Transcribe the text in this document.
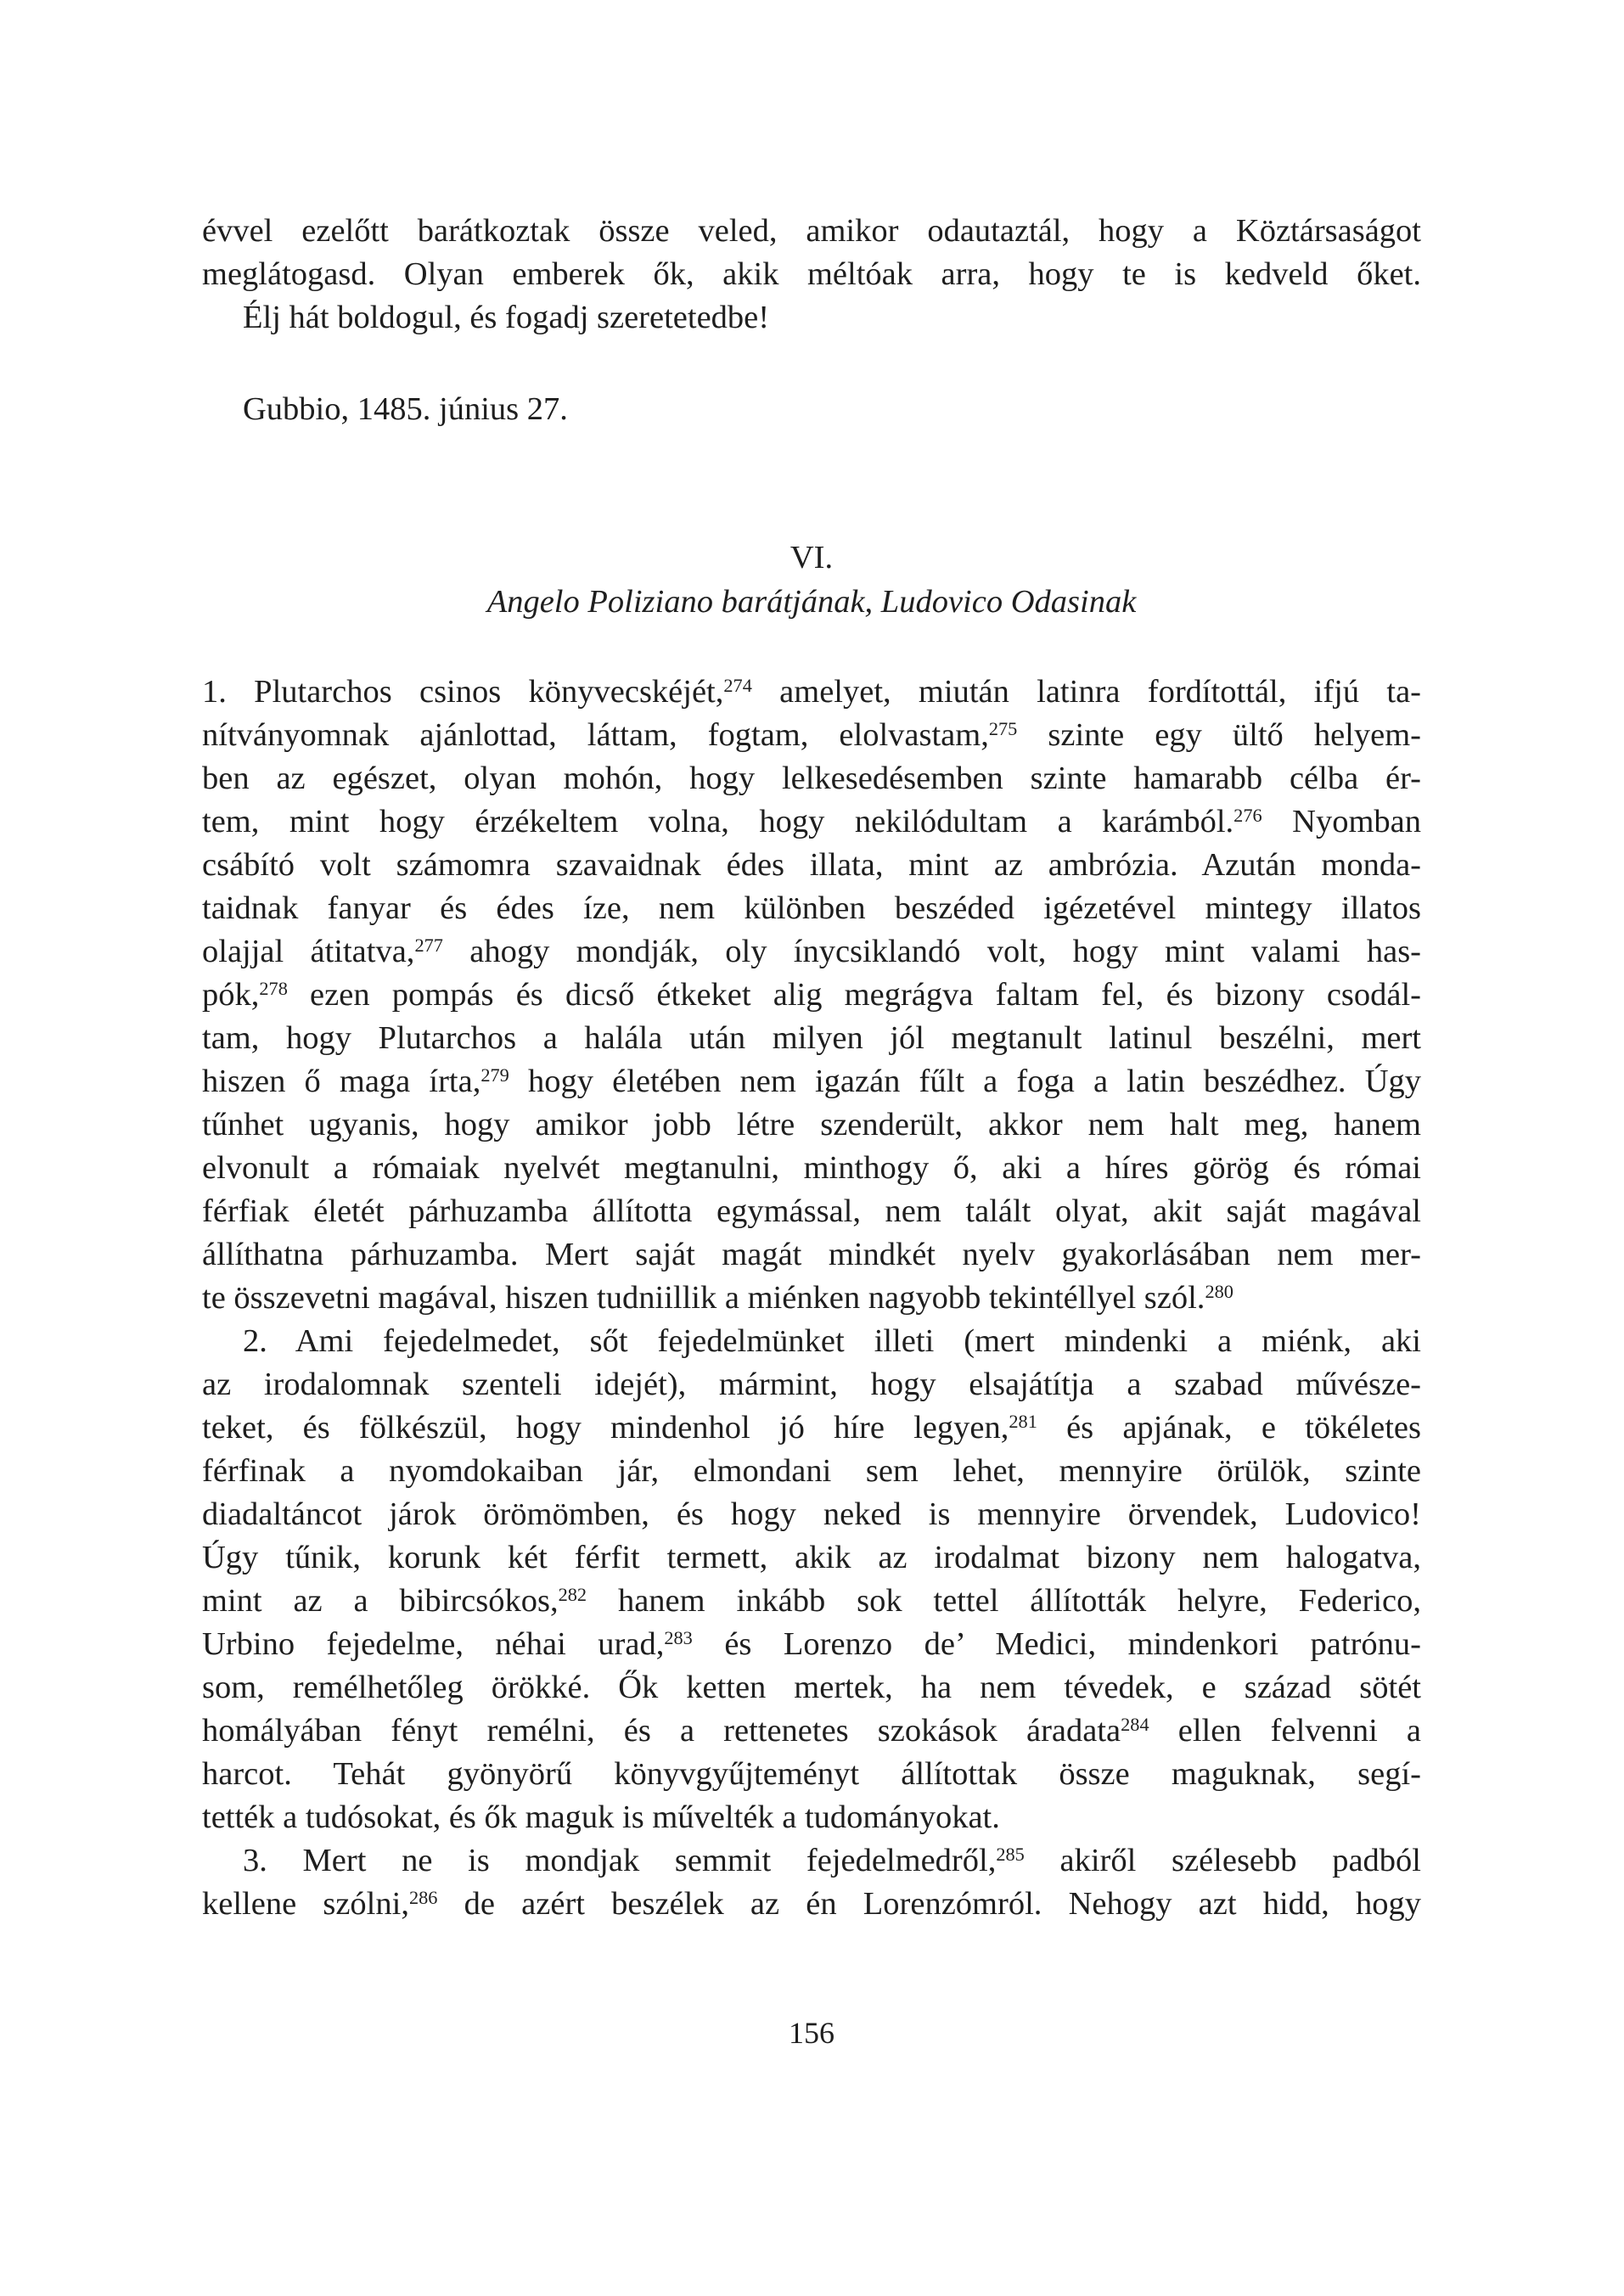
évvel ezelőtt barátkoztak össze veled, amikor odautaztál, hogy a Köztársaságot
meglátogasd. Olyan emberek ők, akik méltóak arra, hogy te is kedveld őket.
Élj hát boldogul, és fogadj szeretetedbe!
Gubbio, 1485. június 27.
VI.
Angelo Poliziano barátjának, Ludovico Odasinak
1. Plutarchos csinos könyvecskéjét,$^{274}$ amelyet, miután latinra fordítottál, ifjú ta-
nítványomnak ajánlottad, láttam, fogtam, elolvastam,$^{275}$ szinte egy ültő helyem-
ben az egészet, olyan mohón, hogy lelkesedésemben szinte hamarabb célba ér-
tem, mint hogy érzékeltem volna, hogy nekilódultam a karámból.$^{276}$ Nyomban
csábító volt számomra szavaidnak édes illata, mint az ambrózia. Azután monda-
taidnak fanyar és édes íze, nem különben beszéded igézetével mintegy illatos
olajjal átitatva,$^{277}$ ahogy mondják, oly ínycsiklandó volt, hogy mint valami has-
pók,$^{278}$ ezen pompás és dicső étkeket alig megrágva faltam fel, és bizony csodál-
tam, hogy Plutarchos a halála után milyen jól megtanult latinul beszélni, mert
hiszen ő maga írta,$^{279}$ hogy életében nem igazán fűlt a foga a latin beszédhez. Úgy
tűnhet ugyanis, hogy amikor jobb létre szenderült, akkor nem halt meg, hanem
elvonult a rómaiak nyelvét megtanulni, minthogy ő, aki a híres görög és római
férfiak életét párhuzamba állította egymással, nem talált olyat, akit saját magával
állíthatna párhuzamba. Mert saját magát mindkét nyelv gyakorlásában nem mer-
te összevetni magával, hiszen tudniillik a miénken nagyobb tekintéllyel szól.$^{280}$
2. Ami fejedelmedet, sőt fejedelmünket illeti (mert mindenki a miénk, aki
az irodalomnak szenteli idejét), mármint, hogy elsajátítja a szabad művésze-
teket, és fölkészül, hogy mindenhol jó híre legyen,$^{281}$ és apjának, e tökéletes
férfinak a nyomdokaiban jár, elmondani sem lehet, mennyire örülök, szinte
diadaltáncot járok örömömben, és hogy neked is mennyire örvendek, Ludovico!
Úgy tűnik, korunk két férfit termett, akik az irodalmat bizony nem halogatva,
mint az a bibircsókos,$^{282}$ hanem inkább sok tettel állították helyre, Federico,
Urbino fejedelme, néhai urad,$^{283}$ és Lorenzo de’ Medici, mindenkori patrónu-
som, remélhetőleg örökké. Ők ketten mertek, ha nem tévedek, e század sötét
homályában fényt remélni, és a rettenetes szokások áradata$^{284}$ ellen felvenni a
harcot. Tehát gyönyörű könyvgyűjteményt állítottak össze maguknak, segí-
tették a tudósokat, és ők maguk is művelték a tudományokat.
3. Mert ne is mondjak semmit fejedelmedről,$^{285}$ akiről szélesebb padból
kellene szólni,$^{286}$ de azért beszélek az én Lorenzómról. Nehogy azt hidd, hogy
156
